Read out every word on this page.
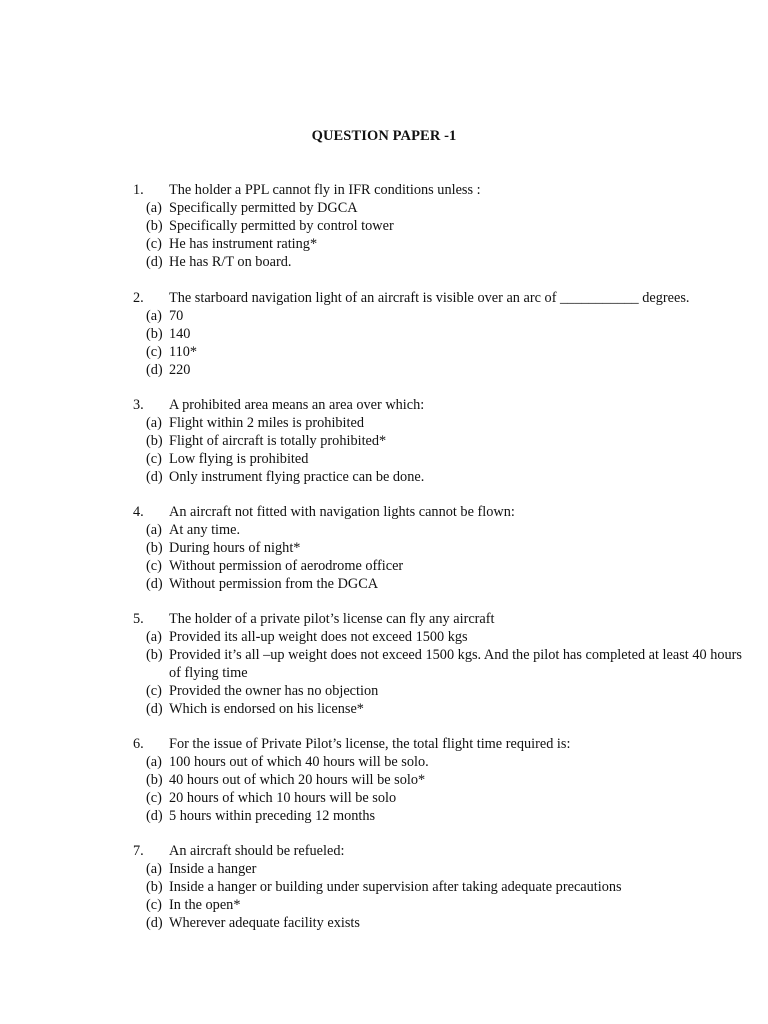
QUESTION PAPER -1
1. The holder a PPL cannot fly in IFR conditions unless :
(a) Specifically permitted by DGCA
(b) Specifically permitted by control tower
(c) He has instrument rating*
(d) He has R/T on board.
2. The starboard navigation light of an aircraft is visible over an arc of ___________ degrees.
(a) 70
(b) 140
(c) 110*
(d) 220
3. A prohibited area means an area over which:
(a) Flight within 2 miles is prohibited
(b) Flight of aircraft is totally prohibited*
(c) Low flying is prohibited
(d) Only instrument flying practice can be done.
4. An aircraft not fitted with navigation lights cannot be flown:
(a) At any time.
(b) During hours of night*
(c) Without permission of aerodrome officer
(d) Without permission from the DGCA
5. The holder of a private pilot’s license can fly any aircraft
(a) Provided its all-up weight does not exceed 1500 kgs
(b) Provided it’s all –up weight does not exceed 1500 kgs. And the pilot has completed at least 40 hours of flying time
(c) Provided the owner has no objection
(d) Which is endorsed on his license*
6. For the issue of Private Pilot’s license, the total flight time required is:
(a) 100 hours out of which 40 hours will be solo.
(b) 40 hours out of which 20 hours will be solo*
(c) 20 hours of which 10 hours will be solo
(d) 5 hours within preceding 12 months
7. An aircraft should be refueled:
(a) Inside a hanger
(b) Inside a hanger or building under supervision after taking adequate precautions
(c) In the open*
(d) Wherever adequate facility exists
